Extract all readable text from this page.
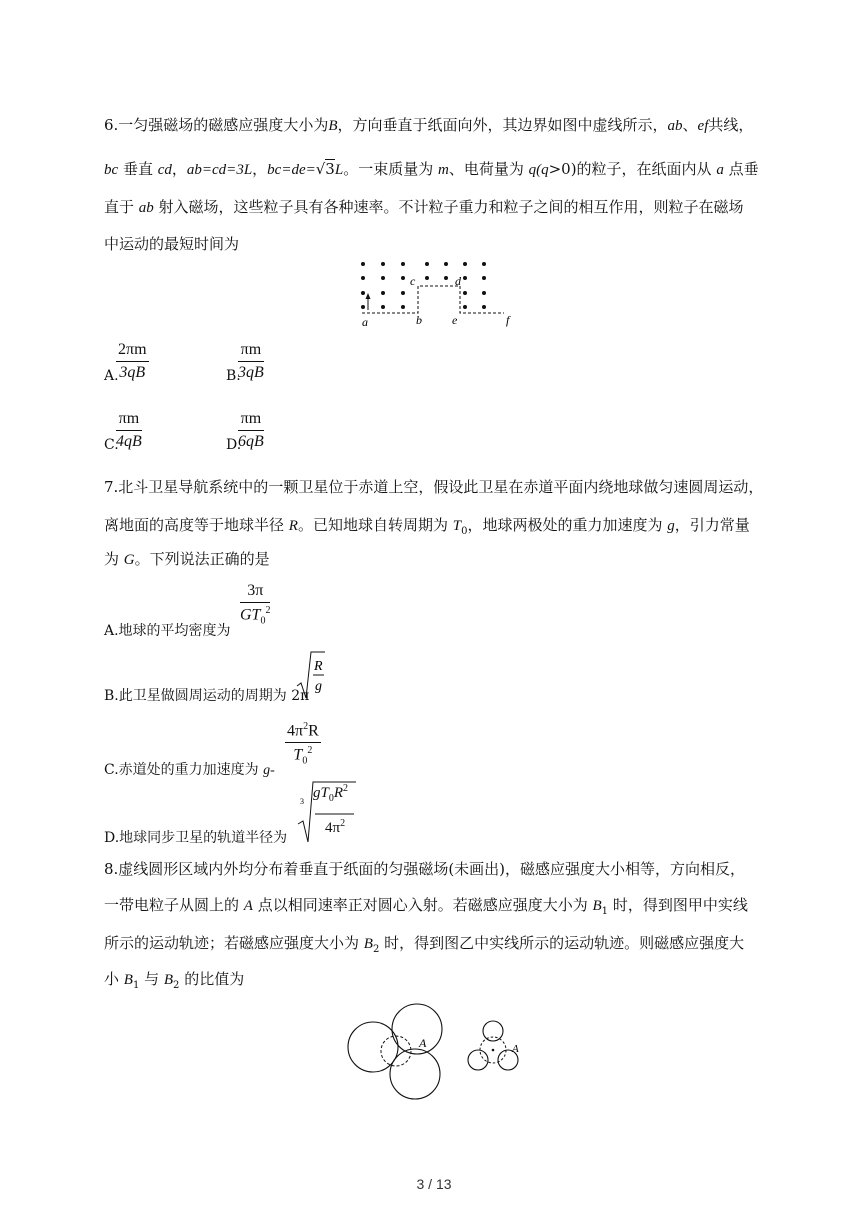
6.一匀强磁场的磁感应强度大小为B，方向垂直于纸面向外，其边界如图中虚线所示，ab、ef共线，
bc 垂直 cd，ab=cd=3L，bc=de=√3L。一束质量为 m、电荷量为 q(q>0)的粒子，在纸面内从 a 点垂
直于 ab 射入磁场，这些粒子具有各种速率。不计粒子重力和粒子之间的相互作用，则粒子在磁场
中运动的最短时间为
a	b
c	d
e	f
A.
$\frac{2\pi m}{3qB}$	B.
$\frac{\pi m}{3qB}$
C.
$\frac{\pi m}{4qB}$	D.
$\frac{\pi m}{6qB}$
7.北斗卫星导航系统中的一颗卫星位于赤道上空，假设此卫星在赤道平面内绕地球做匀速圆周运动，
离地面的高度等于地球半径 R。已知地球自转周期为 $T_0$，地球两极处的重力加速度为 g，引力常量
为 G。下列说法正确的是
A.地球的平均密度为
$\frac{3\pi}{GT_0^2}$
B.此卫星做圆周运动的周期为 2π
R
g
C.赤道处的重力加速度为 g-
$\frac{4\pi^2R}{T_0^2}$
D.地球同步卫星的轨道半径为
3
$gT_0R^2$
$4\pi^2$
8.虚线圆形区域内外均分布着垂直于纸面的匀强磁场(未画出)，磁感应强度大小相等，方向相反，
一带电粒子从圆上的 A 点以相同速率正对圆心入射。若磁感应强度大小为 $B_1$ 时，得到图甲中实线
所示的运动轨迹；若磁感应强度大小为 $B_2$ 时，得到图乙中实线所示的运动轨迹。则磁感应强度大
小 $B_1$ 与 $B_2$ 的比值为
A	A
3 / 13
